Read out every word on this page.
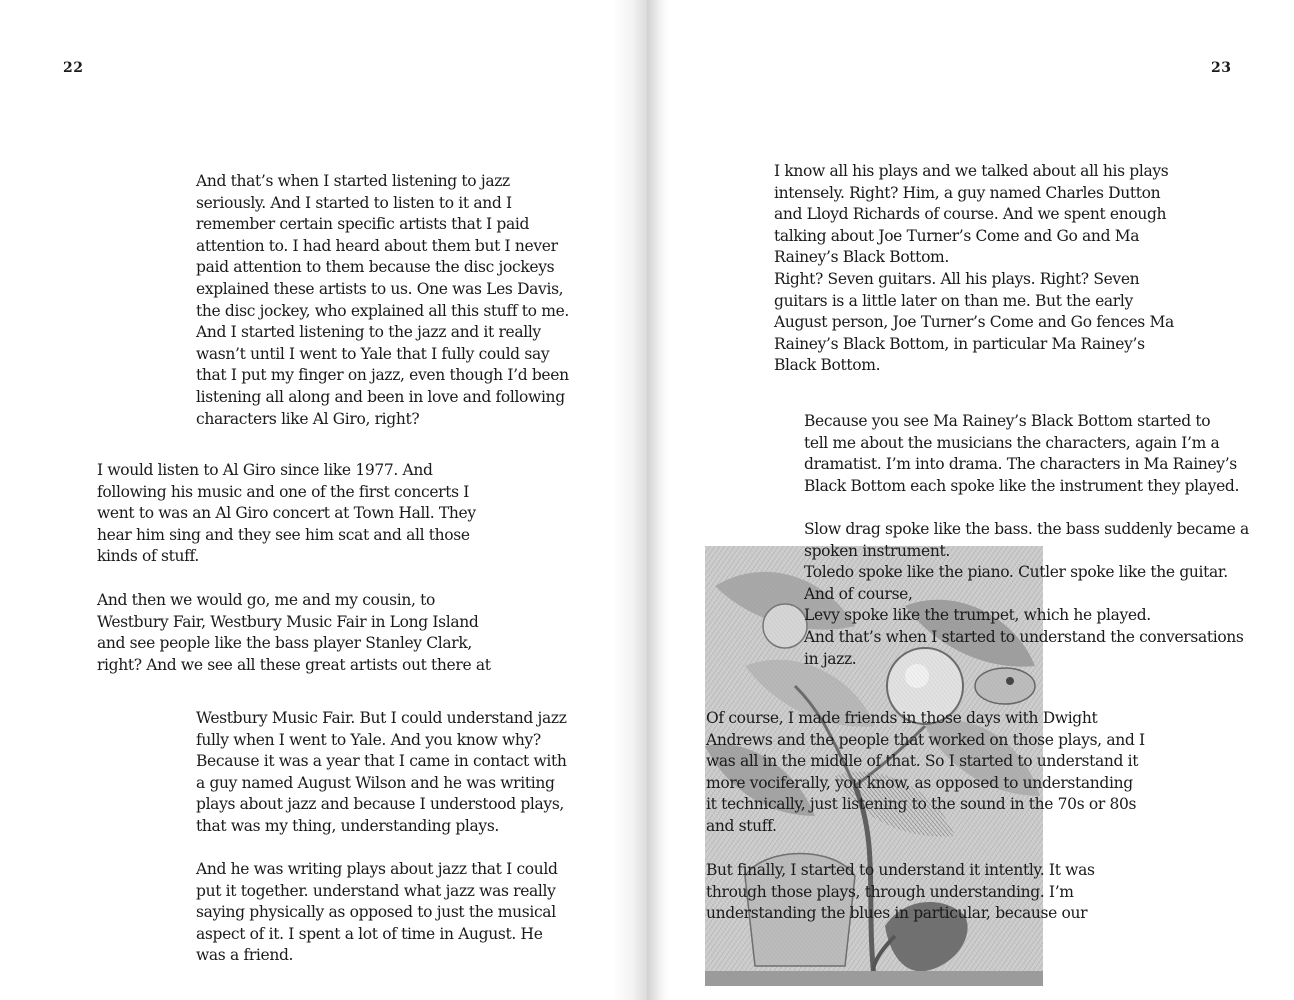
22

And that’s when I started listening to jazz
seriously. And I started to listen to it and I
remember certain specific artists that I paid
attention to. I had heard about them but I never
paid attention to them because the disc jockeys
explained these artists to us. One was Les Davis,
the disc jockey, who explained all this stuff to me.
And I started listening to the jazz and it really
wasn’t until I went to Yale that I fully could say
that I put my finger on jazz, even though I’d been
listening all along and been in love and following
characters like Al Giro, right?

I would listen to Al Giro since like 1977. And
following his music and one of the first concerts I
went to was an Al Giro concert at Town Hall. They
hear him sing and they see him scat and all those
kinds of stuff.

And then we would go, me and my cousin, to
Westbury Fair, Westbury Music Fair in Long Island
and see people like the bass player Stanley Clark,
right? And we see all these great artists out there at

Westbury Music Fair. But I could understand jazz
fully when I went to Yale. And you know why?
Because it was a year that I came in contact with
a guy named August Wilson and he was writing
plays about jazz and because I understood plays,
that was my thing, understanding plays.

And he was writing plays about jazz that I could
put it together. understand what jazz was really
saying physically as opposed to just the musical
aspect of it. I spent a lot of time in August. He
was a friend.

23

I know all his plays and we talked about all his plays
intensely. Right? Him, a guy named Charles Dutton
and Lloyd Richards of course. And we spent enough
talking about Joe Turner’s Come and Go and Ma
Rainey’s Black Bottom.
Right? Seven guitars. All his plays. Right? Seven
guitars is a little later on than me. But the early
August person, Joe Turner’s Come and Go fences Ma
Rainey’s Black Bottom, in particular Ma Rainey’s
Black Bottom.

Because you see Ma Rainey’s Black Bottom started to
tell me about the musicians the characters, again I’m a
dramatist. I’m into drama. The characters in Ma Rainey’s
Black Bottom each spoke like the instrument they played.

Slow drag spoke like the bass. the bass suddenly became a
spoken instrument.
Toledo spoke like the piano. Cutler spoke like the guitar.
And of course,
Levy spoke like the trumpet, which he played.
And that’s when I started to understand the conversations
in jazz.

Of course, I made friends in those days with Dwight
Andrews and the people that worked on those plays, and I
was all in the middle of that. So I started to understand it
more vociferally, you know, as opposed to understanding
it technically, just listening to the sound in the 70s or 80s
and stuff.

But finally, I started to understand it intently. It was
through those plays, through understanding. I’m
understanding the blues in particular, because our
